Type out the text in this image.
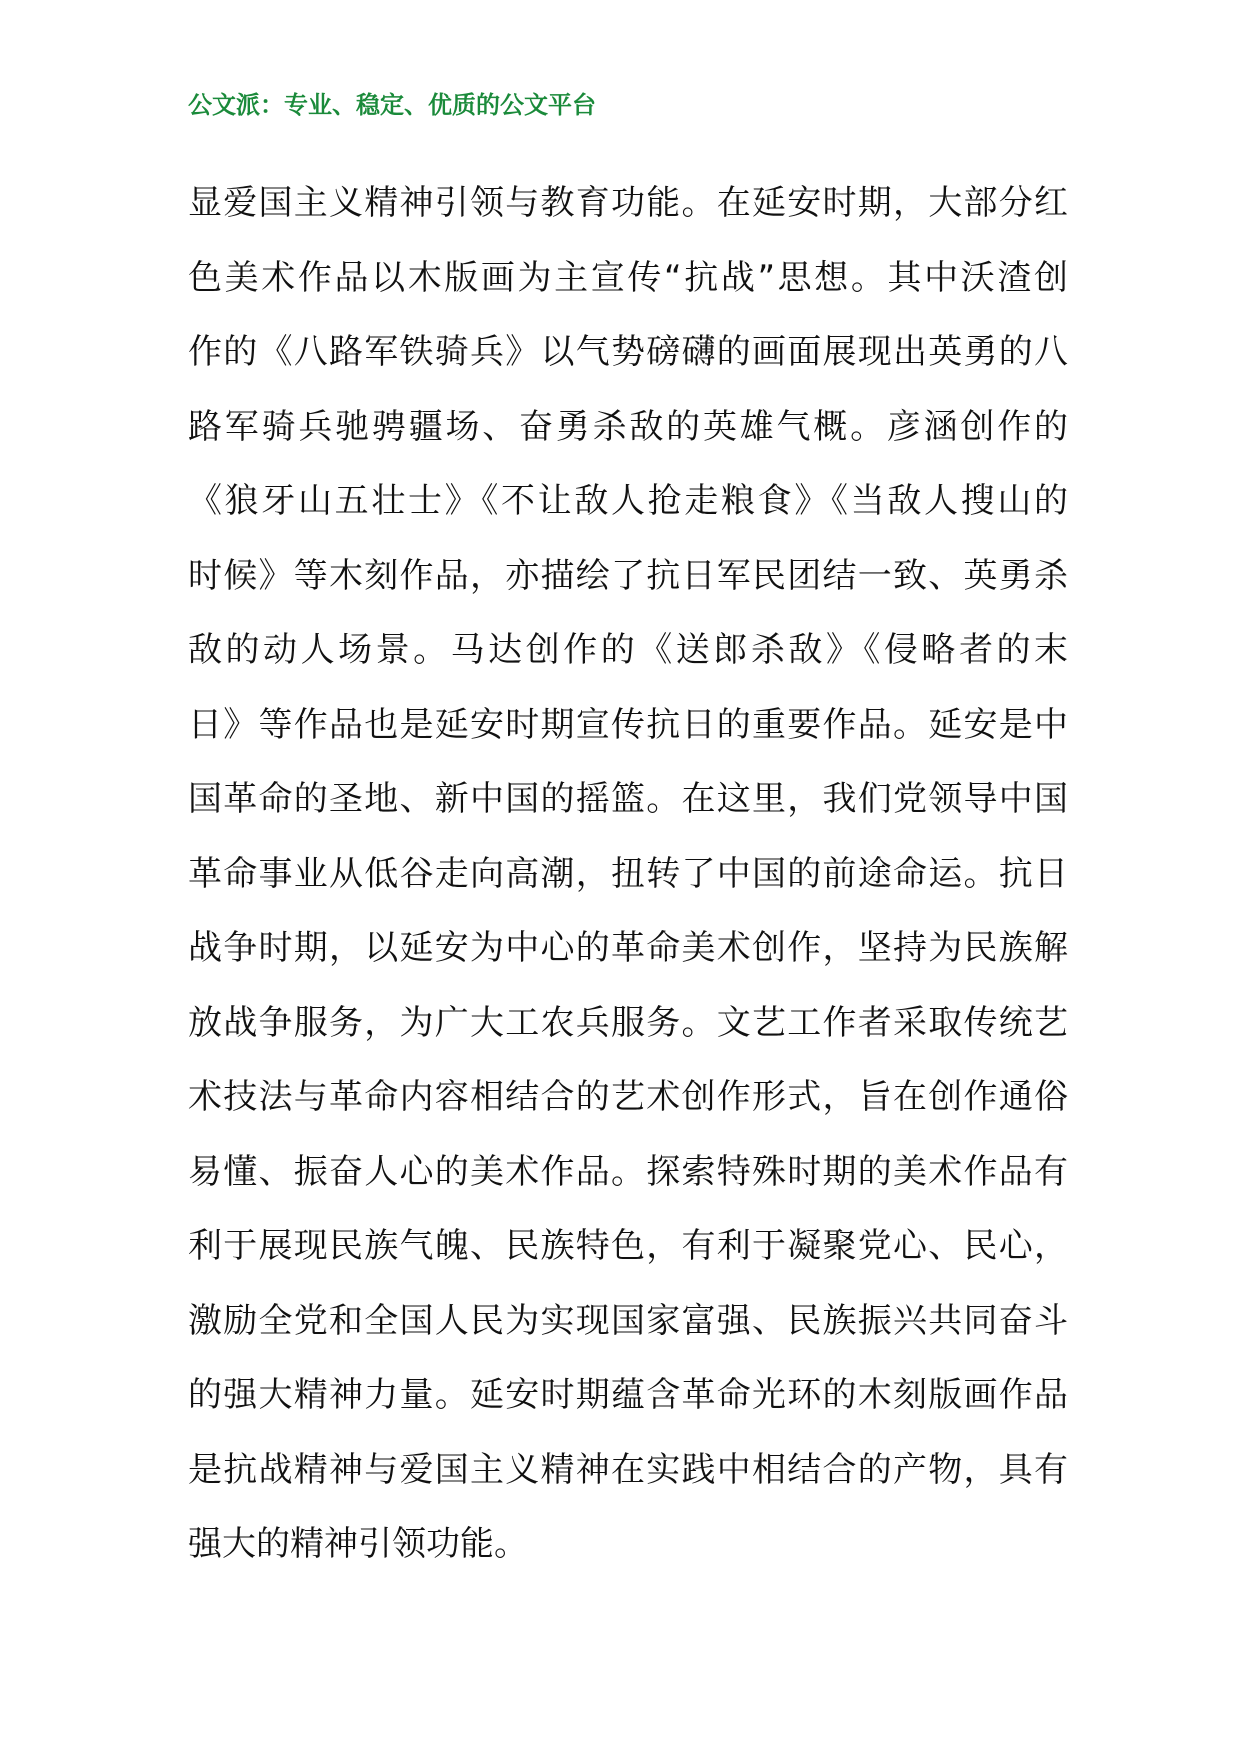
公文派：专业、稳定、优质的公文平台
显爱国主义精神引领与教育功能。在延安时期，大部分红
色美术作品以木版画为主宣传“抗战”思想。其中沃渣创
作的《八路军铁骑兵》以气势磅礴的画面展现出英勇的八
路军骑兵驰骋疆场、奋勇杀敌的英雄气概。彦涵创作的
《狼牙山五壮士》《不让敌人抢走粮食》《当敌人搜山的
时候》等木刻作品，亦描绘了抗日军民团结一致、英勇杀
敌的动人场景。马达创作的《送郎杀敌》《侵略者的末
日》等作品也是延安时期宣传抗日的重要作品。延安是中
国革命的圣地、新中国的摇篮。在这里，我们党领导中国
革命事业从低谷走向高潮，扭转了中国的前途命运。抗日
战争时期，以延安为中心的革命美术创作，坚持为民族解
放战争服务，为广大工农兵服务。文艺工作者采取传统艺
术技法与革命内容相结合的艺术创作形式，旨在创作通俗
易懂、振奋人心的美术作品。探索特殊时期的美术作品有
利于展现民族气魄、民族特色，有利于凝聚党心、民心，
激励全党和全国人民为实现国家富强、民族振兴共同奋斗
的强大精神力量。延安时期蕴含革命光环的木刻版画作品
是抗战精神与爱国主义精神在实践中相结合的产物，具有
强大的精神引领功能。
